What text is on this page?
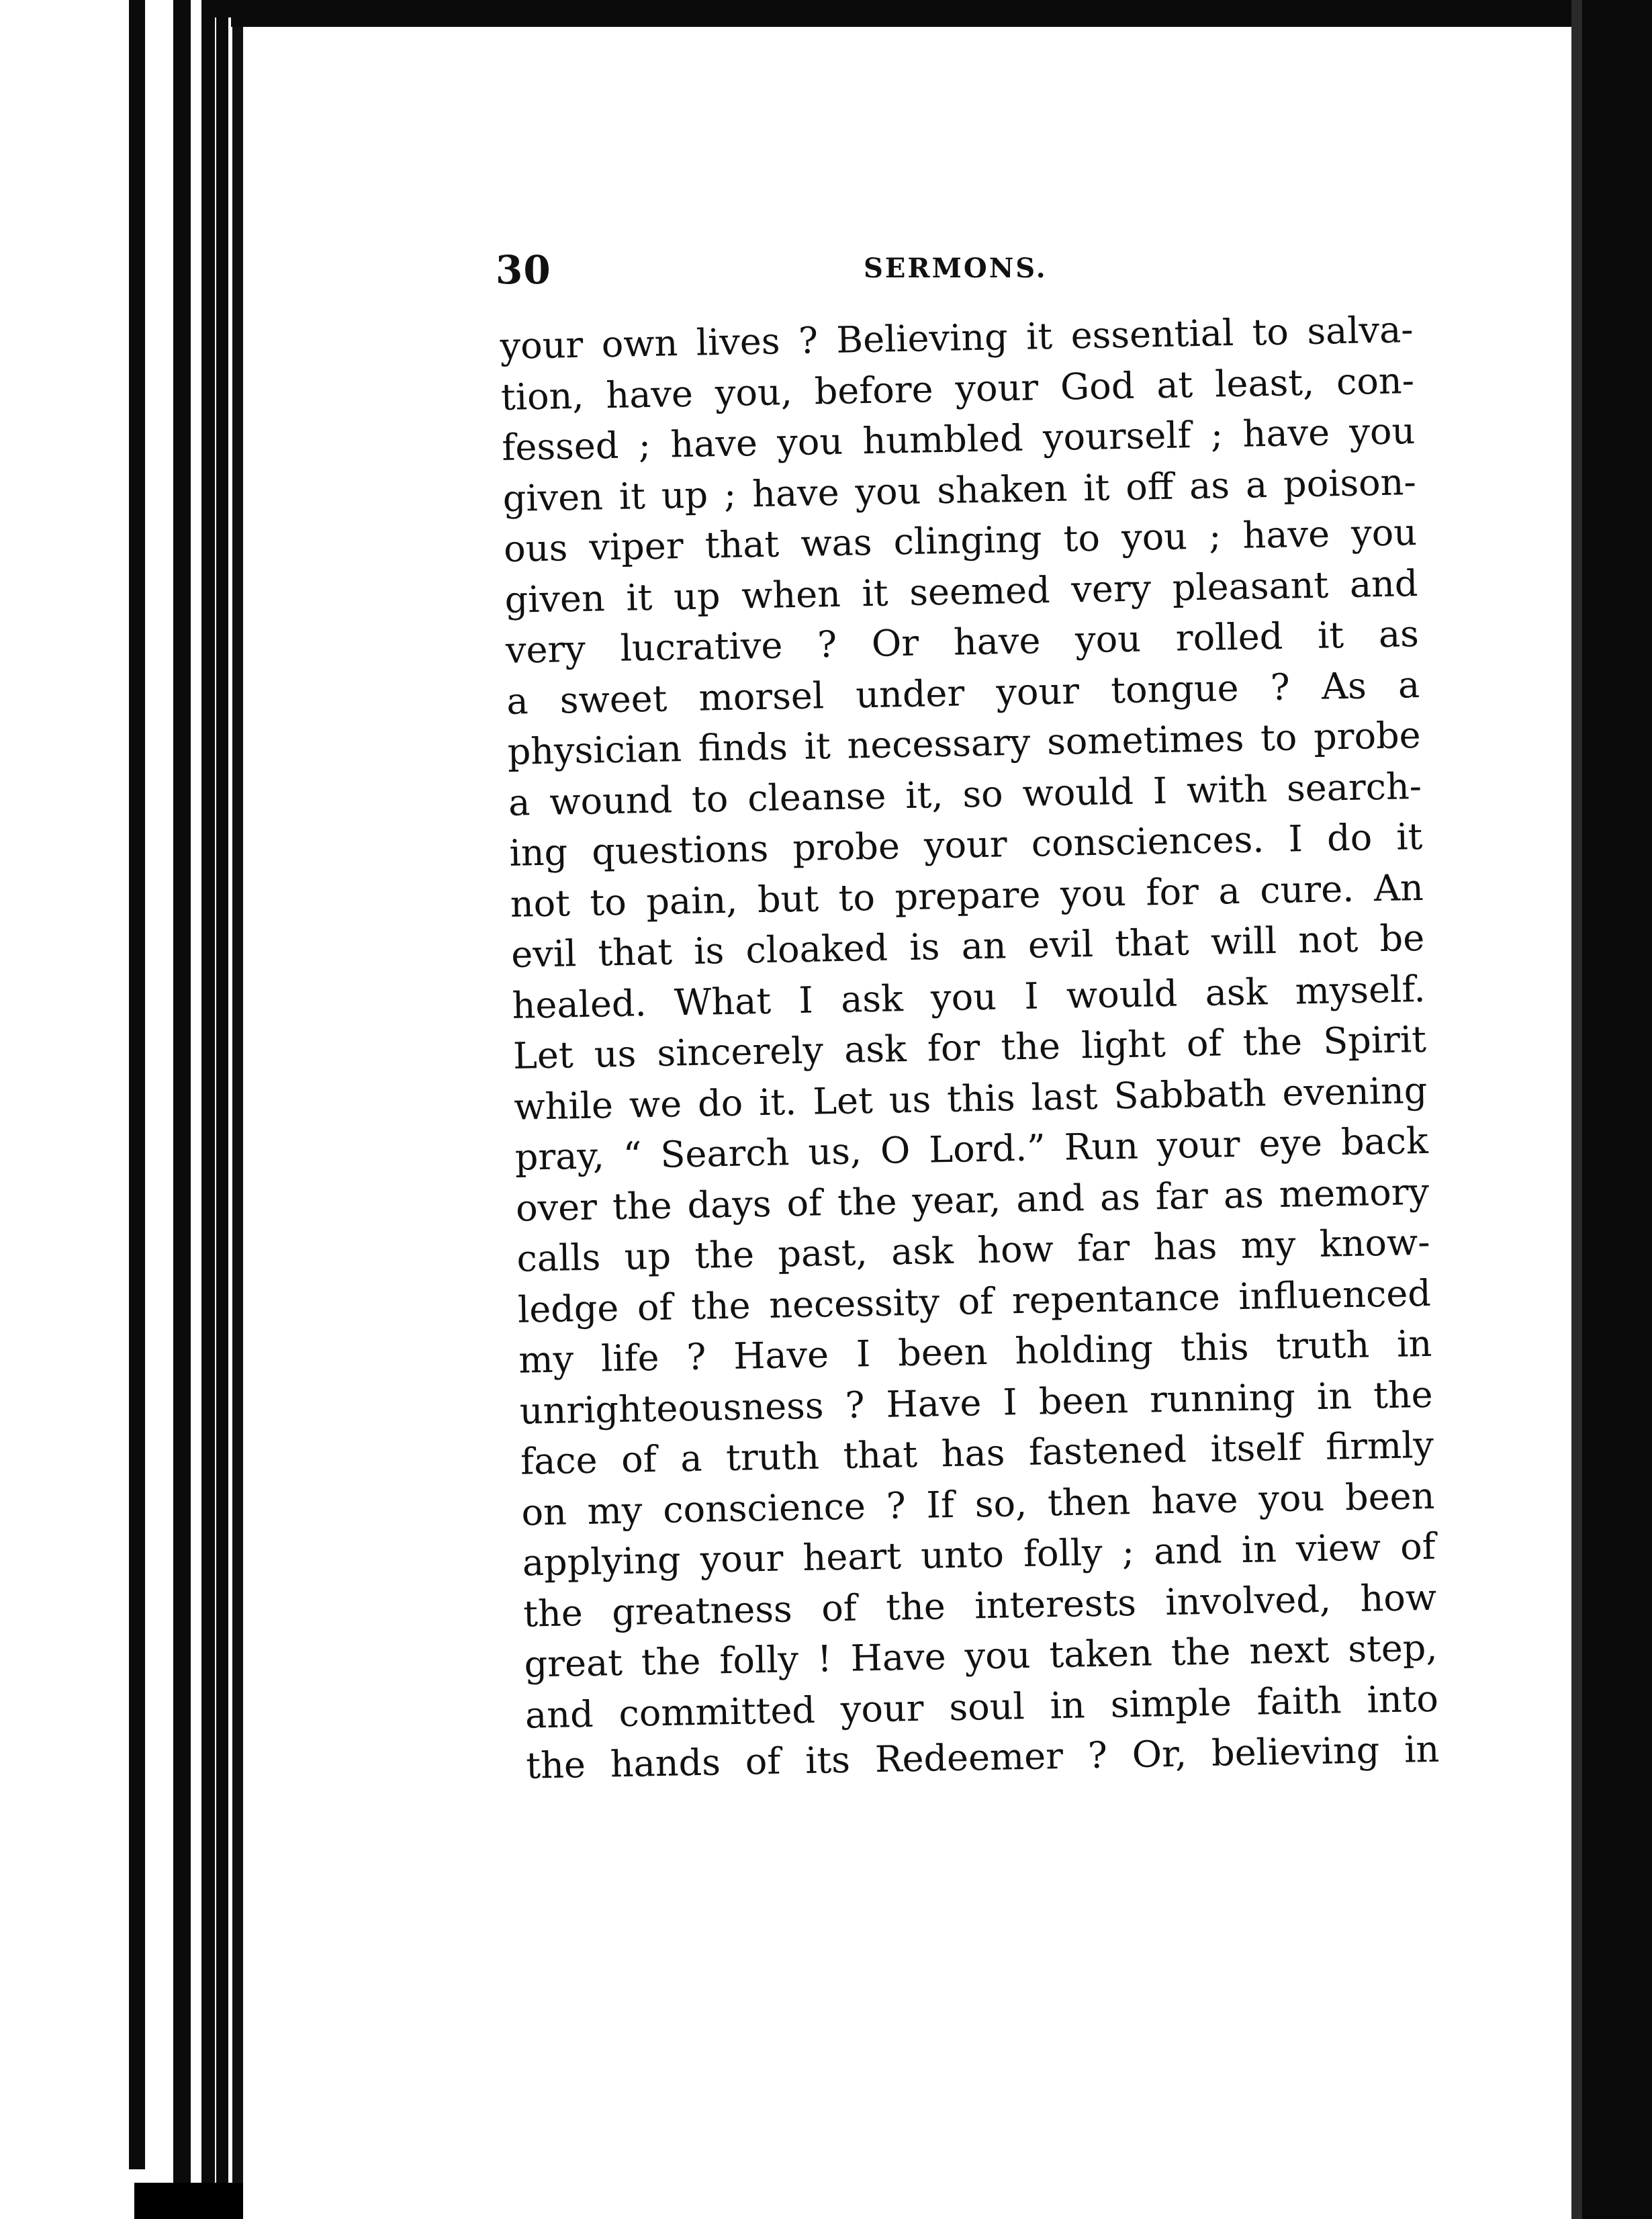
30	SERMONS.
your own lives ? Believing it essential to salva-
tion, have you, before your God at least, con-
fessed ; have you humbled yourself ; have you
given it up ; have you shaken it off as a poison-
ous viper that was clinging to you ; have you
given it up when it seemed very pleasant and
very lucrative ? Or have you rolled it as
a sweet morsel under your tongue ? As a
physician finds it necessary sometimes to probe
a wound to cleanse it, so would I with search-
ing questions probe your consciences. I do it
not to pain, but to prepare you for a cure. An
evil that is cloaked is an evil that will not be
healed. What I ask you I would ask myself.
Let us sincerely ask for the light of the Spirit
while we do it. Let us this last Sabbath evening
pray, “ Search us, O Lord.” Run your eye back
over the days of the year, and as far as memory
calls up the past, ask how far has my know-
ledge of the necessity of repentance influenced
my life ? Have I been holding this truth in
unrighteousness ? Have I been running in the
face of a truth that has fastened itself firmly
on my conscience ? If so, then have you been
applying your heart unto folly ; and in view of
the greatness of the interests involved, how
great the folly ! Have you taken the next step,
and committed your soul in simple faith into
the hands of its Redeemer ? Or, believing in
